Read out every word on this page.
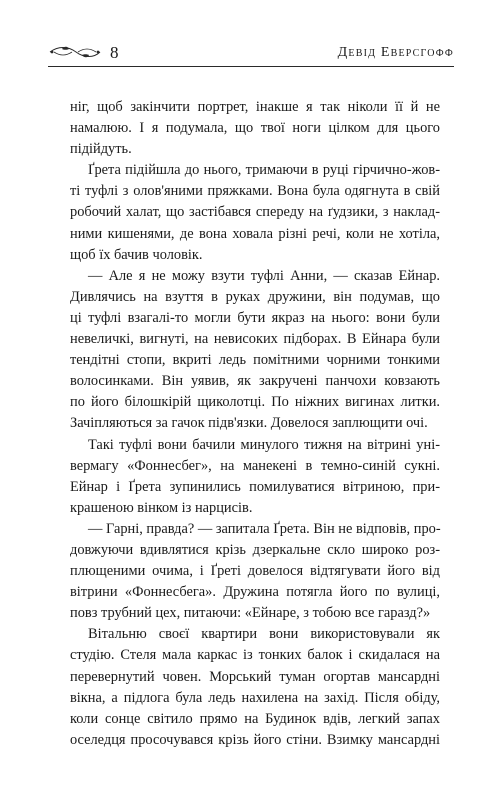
8	Девід Еверсгофф
ніг, щоб закінчити портрет, інакше я так ніколи її й не
намалюю. І я подумала, що твої ноги цілком для цього
підійдуть.
Ґрета підійшла до нього, тримаючи в руці гірчично-жов-
ті туфлі з олов'яними пряжками. Вона була одягнута в свій
робочий халат, що застібався спереду на ґудзики, з наклад-
ними кишенями, де вона ховала різні речі, коли не хотіла,
щоб їх бачив чоловік.
— Але я не можу взути туфлі Анни, — сказав Ейнар.
Дивлячись на взуття в руках дружини, він подумав, що
ці туфлі взагалі-то могли бути якраз на нього: вони були
невеличкі, вигнуті, на невисоких підборах. В Ейнара були
тендітні стопи, вкриті ледь помітними чорними тонкими
волосинками. Він уявив, як закручені панчохи ковзають
по його білошкірій щиколотці. По ніжних вигинах литки.
Зачіпляються за гачок підв'язки. Довелося заплющити очі.
Такі туфлі вони бачили минулого тижня на вітрині уні-
вермагу «Фоннесбег», на манекені в темно-синій сукні.
Ейнар і Ґрета зупинились помилуватися вітриною, при-
крашеною вінком із нарцисів.
— Гарні, правда? — запитала Ґрета. Він не відповів, про-
довжуючи вдивлятися крізь дзеркальне скло широко роз-
плющеними очима, і Ґреті довелося відтягувати його від
вітрини «Фоннесбега». Дружина потягла його по вулиці,
повз трубний цех, питаючи: «Ейнаре, з тобою все гаразд?»
Вітальню своєї квартири вони використовували як
студію. Стеля мала каркас із тонких балок і скидалася на
перевернутий човен. Морський туман огортав мансардні
вікна, а підлога була ледь нахилена на захід. Після обіду,
коли сонце світило прямо на Будинок вдів, легкий запах
оселедця просочувався крізь його стіни. Взимку мансардні
